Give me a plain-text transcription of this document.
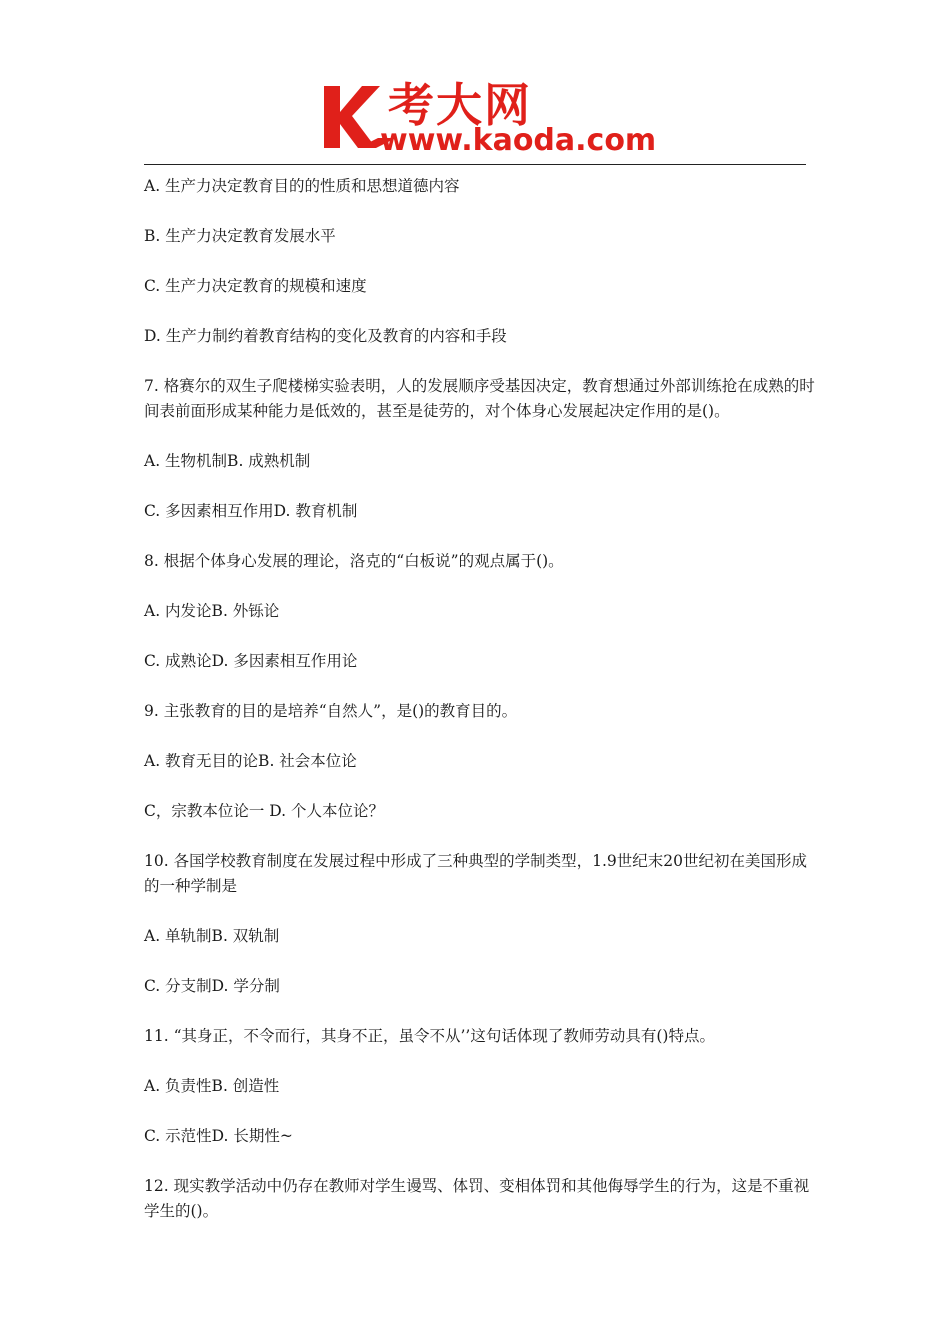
考大网
www.kaoda.com

A. 生产力决定教育目的的性质和思想道德内容

B. 生产力决定教育发展水平

C. 生产力决定教育的规模和速度

D. 生产力制约着教育结构的变化及教育的内容和手段

7. 格赛尔的双生子爬楼梯实验表明，人的发展顺序受基因决定，教育想通过外部训练抢在成熟的时间表前面形成某种能力是低效的，甚至是徒劳的，对个体身心发展起决定作用的是()。

A. 生物机制B. 成熟机制

C. 多因素相互作用D. 教育机制

8. 根据个体身心发展的理论，洛克的“白板说”的观点属于()。

A. 内发论B. 外铄论

C. 成熟论D. 多因素相互作用论

9. 主张教育的目的是培养“自然人”，是()的教育目的。

A. 教育无目的论B. 社会本位论

C，宗教本位论一 D. 个人本位论？

10. 各国学校教育制度在发展过程中形成了三种典型的学制类型，1.9世纪末20世纪初在美国形成的一种学制是

A. 单轨制B. 双轨制

C. 分支制D. 学分制

11. “其身正，不令而行，其身不正，虽令不从’’这句话体现了教师劳动具有()特点。

A. 负责性B. 创造性

C. 示范性D. 长期性~

12. 现实教学活动中仍存在教师对学生谩骂、体罚、变相体罚和其他侮辱学生的行为，这是不重视学生的()。
